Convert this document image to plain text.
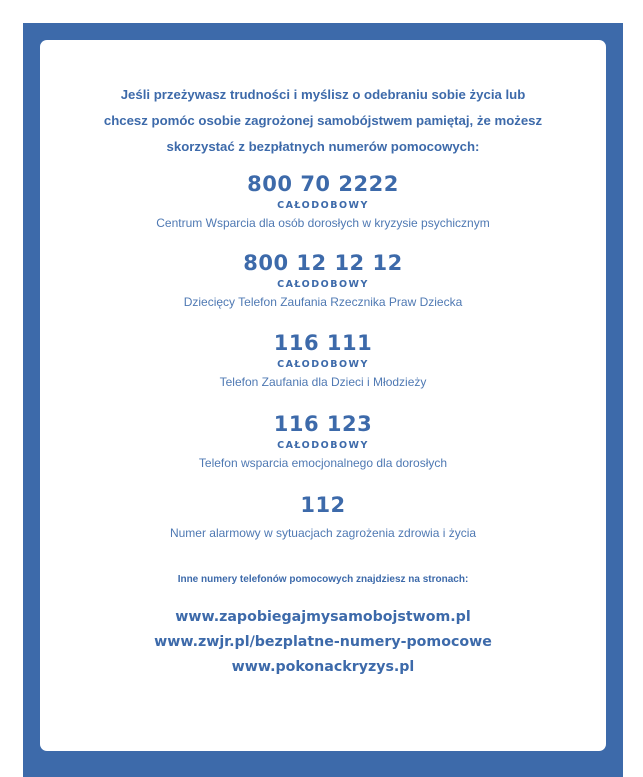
Jeśli przeżywasz trudności i myślisz o odebraniu sobie życia lub
chcesz pomóc osobie zagrożonej samobójstwem pamiętaj, że możesz
skorzystać z bezpłatnych numerów pomocowych:
800 70 2222
CAŁODOBOWY
Centrum Wsparcia dla osób dorosłych w kryzysie psychicznym
800 12 12 12
CAŁODOBOWY
Dziecięcy Telefon Zaufania Rzecznika Praw Dziecka
116 111
CAŁODOBOWY
Telefon Zaufania dla Dzieci i Młodzieży
116 123
CAŁODOBOWY
Telefon wsparcia emocjonalnego dla dorosłych
112
Numer alarmowy w sytuacjach zagrożenia zdrowia i życia
Inne numery telefonów pomocowych znajdziesz na stronach:
www.zapobiegajmysamobojstwom.pl
www.zwjr.pl/bezplatne-numery-pomocowe
www.pokonackryzys.pl
